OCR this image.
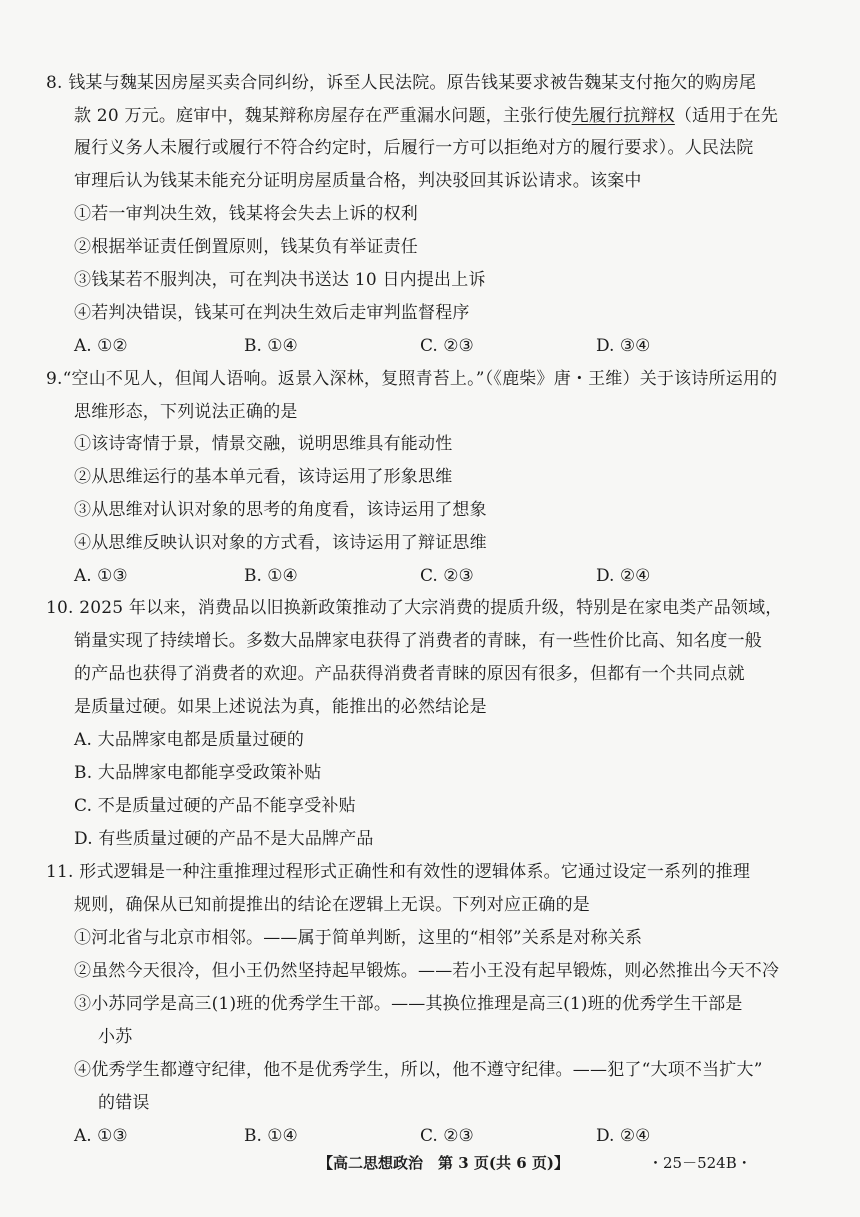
8. 钱某与魏某因房屋买卖合同纠纷，诉至人民法院。原告钱某要求被告魏某支付拖欠的购房尾
款 20 万元。庭审中，魏某辩称房屋存在严重漏水问题，主张行使先履行抗辩权（适用于在先
履行义务人未履行或履行不符合约定时，后履行一方可以拒绝对方的履行要求）。人民法院
审理后认为钱某未能充分证明房屋质量合格，判决驳回其诉讼请求。该案中
①若一审判决生效，钱某将会失去上诉的权利
②根据举证责任倒置原则，钱某负有举证责任
③钱某若不服判决，可在判决书送达 10 日内提出上诉
④若判决错误，钱某可在判决生效后走审判监督程序
A. ①②	B. ①④	C. ②③	D. ③④
9.“空山不见人，但闻人语响。返景入深林，复照青苔上。”（《鹿柴》唐・王维）关于该诗所运用的
思维形态，下列说法正确的是
①该诗寄情于景，情景交融，说明思维具有能动性
②从思维运行的基本单元看，该诗运用了形象思维
③从思维对认识对象的思考的角度看，该诗运用了想象
④从思维反映认识对象的方式看，该诗运用了辩证思维
A. ①③	B. ①④	C. ②③	D. ②④
10. 2025 年以来，消费品以旧换新政策推动了大宗消费的提质升级，特别是在家电类产品领域，
销量实现了持续增长。多数大品牌家电获得了消费者的青睐，有一些性价比高、知名度一般
的产品也获得了消费者的欢迎。产品获得消费者青睐的原因有很多，但都有一个共同点就
是质量过硬。如果上述说法为真，能推出的必然结论是
A. 大品牌家电都是质量过硬的
B. 大品牌家电都能享受政策补贴
C. 不是质量过硬的产品不能享受补贴
D. 有些质量过硬的产品不是大品牌产品
11. 形式逻辑是一种注重推理过程形式正确性和有效性的逻辑体系。它通过设定一系列的推理
规则，确保从已知前提推出的结论在逻辑上无误。下列对应正确的是
①河北省与北京市相邻。——属于简单判断，这里的“相邻”关系是对称关系
②虽然今天很冷，但小王仍然坚持起早锻炼。——若小王没有起早锻炼，则必然推出今天不冷
③小苏同学是高三(1)班的优秀学生干部。——其换位推理是高三(1)班的优秀学生干部是
小苏
④优秀学生都遵守纪律，他不是优秀学生，所以，他不遵守纪律。——犯了“大项不当扩大”
的错误
A. ①③	B. ①④	C. ②③	D. ②④
【高二思想政治　第 3 页(共 6 页)】	・25－524B・
